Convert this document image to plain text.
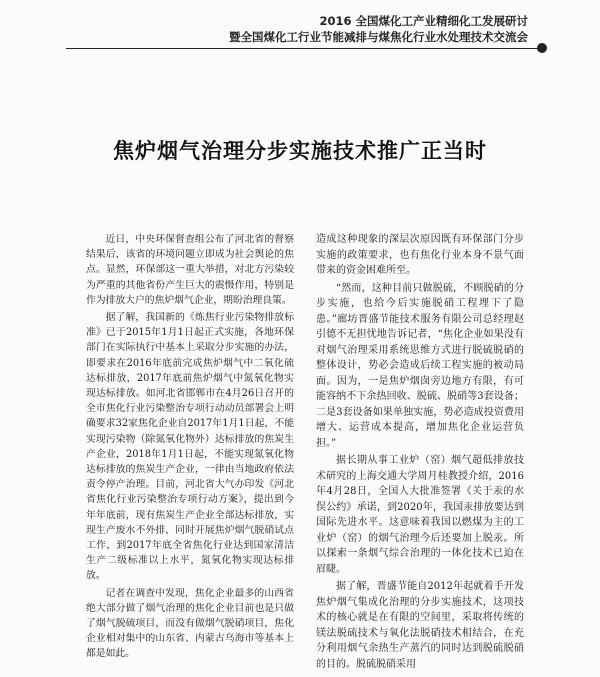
2016 全国煤化工产业精细化工发展研讨
暨全国煤化工行业节能减排与煤焦化行业水处理技术交流会
焦炉烟气治理分步实施技术推广正当时

近日，中央环保督查组公布了河北省的督察结果后，该省的环境问题立即成为社会舆论的焦点。显然，环保部这一重大举措，对北方污染较为严重的其他省份产生巨大的震慑作用，特别是作为排放大户的焦炉烟气企业，期盼治理良策。

据了解，我国新的《炼焦行业污染物排放标准》已于2015年1月1日起正式实施，各地环保部门在实际执行中基本上采取分步实施的办法，即要求在2016年底前完成焦炉烟气中二氧化硫达标排放，2017年底前焦炉烟气中氮氧化物实现达标排放。如河北省邯郸市在4月26日召开的全市焦化行业污染整治专项行动动员部署会上明确要求32家焦化企业自2017年1月1日起，不能实现污染物（除氮氧化物外）达标排放的焦炭生产企业，2018年1月1日起，不能实现氮氧化物达标排放的焦炭生产企业，一律由当地政府依法责令停产治理。目前，河北省大气办印发《河北省焦化行业污染整治专项行动方案》，提出到今年年底前，现有焦炭生产企业全部达标排放，实现生产废水不外排，同时开展焦炉烟气脱硝试点工作，到2017年底全省焦化行业达到国家清洁生产二级标准以上水平，氮氧化物实现达标排放。

记者在调查中发现，焦化企业最多的山西省绝大部分做了烟气治理的焦化企业目前也是只做了烟气脱硫项目，而没有做烟气脱硝项目，焦化企业相对集中的山东省、内蒙古乌海市等基本上都是如此。

造成这种现象的深层次原因既有环保部门分步实施的政策要求，也有焦化行业本身不景气面带来的资金困难所至。

“然而，这种目前只做脱硫，不顾脱硝的分步实施，也给今后实施脱硝工程埋下了隐患。”廊坊晋盛节能技术服务有限公司总经理赵引德不无担忧地告诉记者，“焦化企业如果没有对烟气治理采用系统思维方式进行脱硫脱硝的整体设计，势必会造成后续工程实施的被动局面。因为，一是焦炉烟囱旁边地方有限，有可能容纳不下余热回收、脱硫、脱硝等3套设备；二是3套设备如果单独实施，势必造成投资费用增大、运营成本提高，增加焦化企业运营负担。”

据长期从事工业炉（窑）烟气超低排放技术研究的上海交通大学周月桂教授介绍，2016年4月28日，全国人大批准签署《关于汞的水俣公约》承诺，到2020年，我国汞排放要达到国际先进水平。这意味着我国以燃煤为主的工业炉（窑）的烟气治理今后还要加上脱汞。所以探索一条烟气综合治理的一体化技术已迫在眉睫。

据了解，晋盛节能自2012年起就着手开发焦炉烟气集成化治理的分步实施技术，这项技术的核心就是在有限的空间里，采取将传统的镁法脱硫技术与氧化法脱硝技术相结合，在充分利用烟气余热生产蒸汽的同时达到脱硫脱硝的目的。脱硫脱硝采用
